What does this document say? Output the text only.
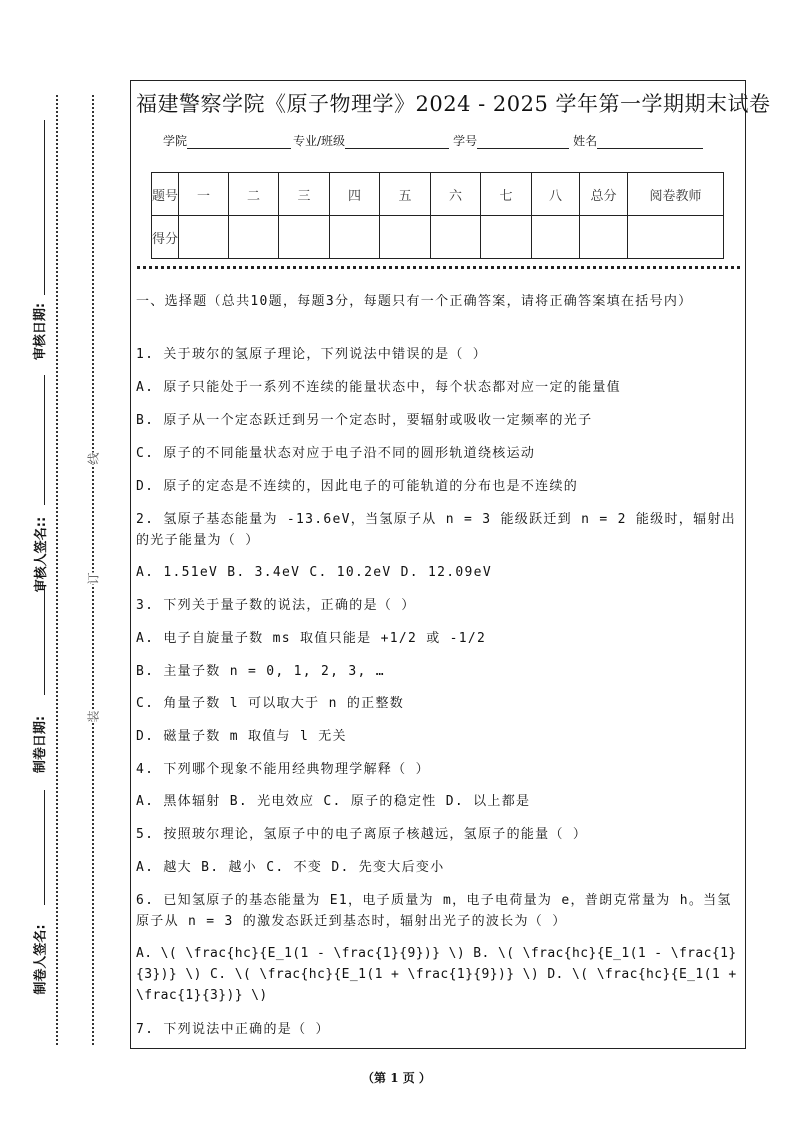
审核日期:
审核人签名::
制卷日期:
制卷人签名:
线
订
装
福建警察学院《原子物理学》2024 - 2025 学年第一学期期末试卷
学院	专业/班级	学号	姓名
题号	一	二	三	四	五	六	七	八	总分	阅卷教师
得分										
一、选择题（总共10题，每题3分，每题只有一个正确答案，请将正确答案填在括号内）
1. 关于玻尔的氢原子理论，下列说法中错误的是（ ）
A. 原子只能处于一系列不连续的能量状态中，每个状态都对应一定的能量值
B. 原子从一个定态跃迁到另一个定态时，要辐射或吸收一定频率的光子
C. 原子的不同能量状态对应于电子沿不同的圆形轨道绕核运动
D. 原子的定态是不连续的，因此电子的可能轨道的分布也是不连续的
2. 氢原子基态能量为 -13.6eV，当氢原子从 n = 3 能级跃迁到 n = 2 能级时，辐射出的光子能量为（ ）
A. 1.51eV B. 3.4eV C. 10.2eV D. 12.09eV
3. 下列关于量子数的说法，正确的是（ ）
A. 电子自旋量子数 ms 取值只能是 +1/2 或 -1/2
B. 主量子数 n = 0, 1, 2, 3, …
C. 角量子数 l 可以取大于 n 的正整数
D. 磁量子数 m 取值与 l 无关
4. 下列哪个现象不能用经典物理学解释（ ）
A. 黑体辐射 B. 光电效应 C. 原子的稳定性 D. 以上都是
5. 按照玻尔理论，氢原子中的电子离原子核越远，氢原子的能量（ ）
A. 越大 B. 越小 C. 不变 D. 先变大后变小
6. 已知氢原子的基态能量为 E1，电子质量为 m，电子电荷量为 e，普朗克常量为 h。当氢原子从 n = 3 的激发态跃迁到基态时，辐射出光子的波长为（ ）
A. \( \frac{hc}{E_1(1 - \frac{1}{9})} \) B. \( \frac{hc}{E_1(1 - \frac{1}{3})} \) C. \( \frac{hc}{E_1(1 + \frac{1}{9})} \) D. \( \frac{hc}{E_1(1 + \frac{1}{3})} \)
7. 下列说法中正确的是（ ）
（第 1 页 ）
